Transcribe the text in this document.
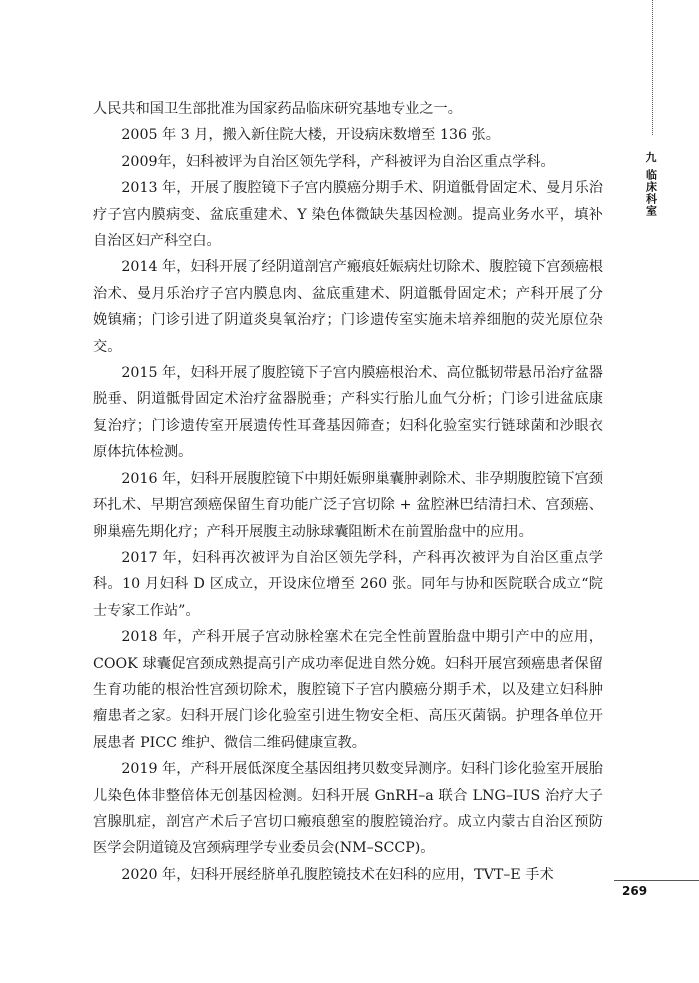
九
临床科室

人民共和国卫生部批准为国家药品临床研究基地专业之一。

2005 年 3 月，搬入新住院大楼，开设病床数增至 136 张。

2009年，妇科被评为自治区领先学科，产科被评为自治区重点学科。

2013 年，开展了腹腔镜下子宫内膜癌分期手术、阴道骶骨固定术、曼月乐治疗子宫内膜病变、盆底重建术、Y 染色体微缺失基因检测。提高业务水平，填补自治区妇产科空白。

2014 年，妇科开展了经阴道剖宫产瘢痕妊娠病灶切除术、腹腔镜下宫颈癌根治术、曼月乐治疗子宫内膜息肉、盆底重建术、阴道骶骨固定术；产科开展了分娩镇痛；门诊引进了阴道炎臭氧治疗；门诊遗传室实施未培养细胞的荧光原位杂交。

2015 年，妇科开展了腹腔镜下子宫内膜癌根治术、高位骶韧带悬吊治疗盆器脱垂、阴道骶骨固定术治疗盆器脱垂；产科实行胎儿血气分析；门诊引进盆底康复治疗；门诊遗传室开展遗传性耳聋基因筛查；妇科化验室实行链球菌和沙眼衣原体抗体检测。

2016 年，妇科开展腹腔镜下中期妊娠卵巢囊肿剥除术、非孕期腹腔镜下宫颈环扎术、早期宫颈癌保留生育功能广泛子宫切除 + 盆腔淋巴结清扫术、宫颈癌、卵巢癌先期化疗；产科开展腹主动脉球囊阻断术在前置胎盘中的应用。

2017 年，妇科再次被评为自治区领先学科，产科再次被评为自治区重点学科。10 月妇科 D 区成立，开设床位增至 260 张。同年与协和医院联合成立“院士专家工作站”。

2018 年，产科开展子宫动脉栓塞术在完全性前置胎盘中期引产中的应用，COOK 球囊促宫颈成熟提高引产成功率促进自然分娩。妇科开展宫颈癌患者保留生育功能的根治性宫颈切除术，腹腔镜下子宫内膜癌分期手术，以及建立妇科肿瘤患者之家。妇科开展门诊化验室引进生物安全柜、高压灭菌锅。护理各单位开展患者 PICC 维护、微信二维码健康宣教。

2019 年，产科开展低深度全基因组拷贝数变异测序。妇科门诊化验室开展胎儿染色体非整倍体无创基因检测。妇科开展 GnRH–a 联合 LNG–IUS 治疗大子宫腺肌症，剖宫产术后子宫切口瘢痕憩室的腹腔镜治疗。成立内蒙古自治区预防医学会阴道镜及宫颈病理学专业委员会(NM–SCCP)。

2020 年，妇科开展经脐单孔腹腔镜技术在妇科的应用，TVT–E 手术

269
